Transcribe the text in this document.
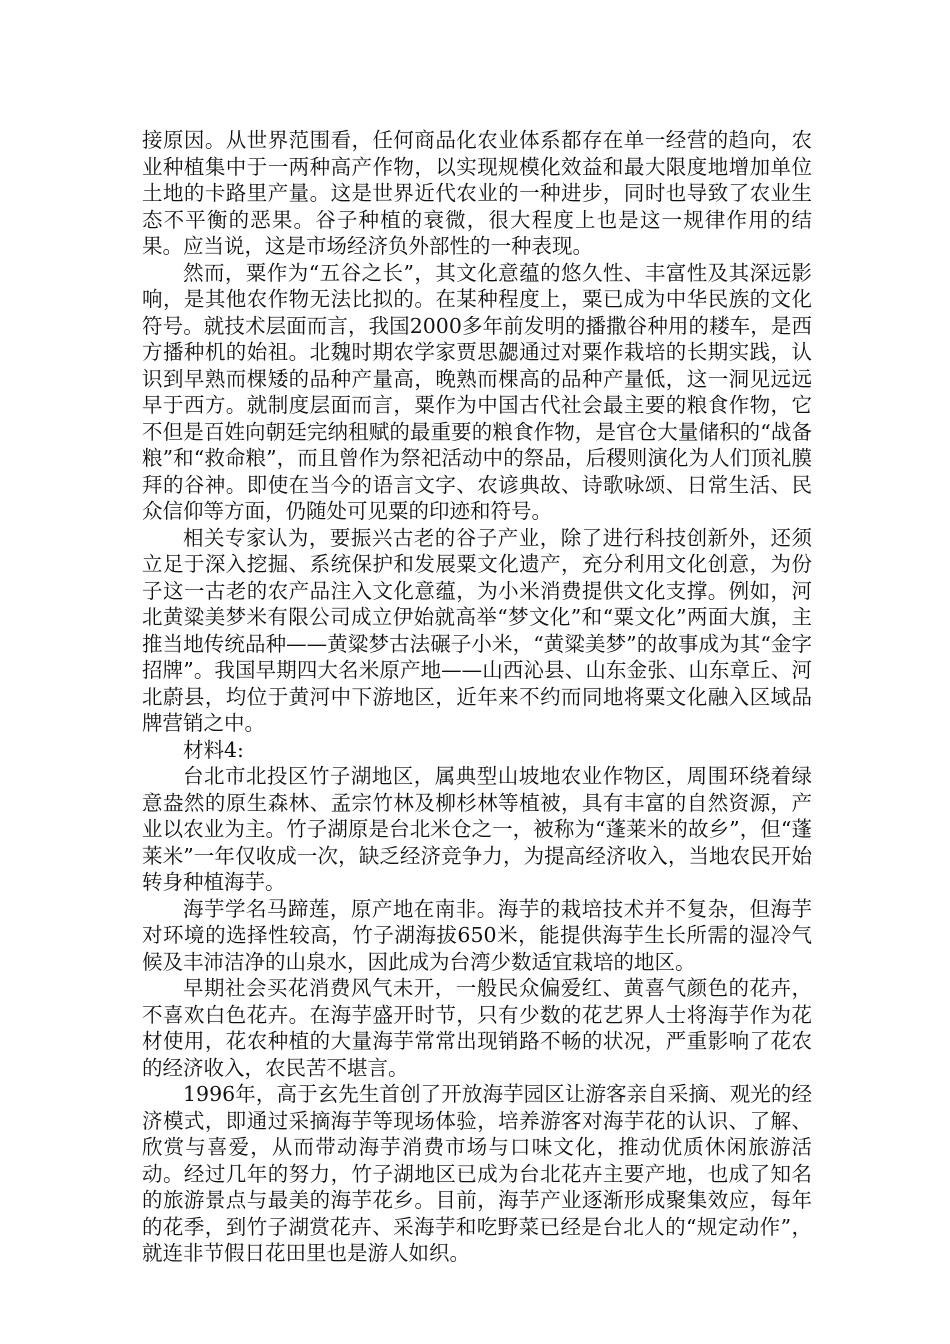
接原因。从世界范围看，任何商品化农业体系都存在单一经营的趋向，农业种植集中于一两种高产作物，以实现规模化效益和最大限度地增加单位土地的卡路里产量。这是世界近代农业的一种进步，同时也导致了农业生态不平衡的恶果。谷子种植的衰微，很大程度上也是这一规律作用的结果。应当说，这是市场经济负外部性的一种表现。

然而，粟作为“五谷之长”，其文化意蕴的悠久性、丰富性及其深远影响，是其他农作物无法比拟的。在某种程度上，粟已成为中华民族的文化符号。就技术层面而言，我国2000多年前发明的播撒谷种用的耧车，是西方播种机的始祖。北魏时期农学家贾思勰通过对粟作栽培的长期实践，认识到早熟而棵矮的品种产量高，晚熟而棵高的品种产量低，这一洞见远远早于西方。就制度层面而言，粟作为中国古代社会最主要的粮食作物，它不但是百姓向朝廷完纳租赋的最重要的粮食作物，是官仓大量储积的“战备粮”和“救命粮”，而且曾作为祭祀活动中的祭品，后稷则演化为人们顶礼膜拜的谷神。即使在当今的语言文字、农谚典故、诗歌咏颂、日常生活、民众信仰等方面，仍随处可见粟的印迹和符号。

相关专家认为，要振兴古老的谷子产业，除了进行科技创新外，还须立足于深入挖掘、系统保护和发展粟文化遗产，充分利用文化创意，为份子这一古老的农产品注入文化意蕴，为小米消费提供文化支撑。例如，河北黄粱美梦米有限公司成立伊始就高举“梦文化”和“粟文化”两面大旗，主推当地传统品种——黄粱梦古法碾子小米，“黄粱美梦”的故事成为其“金字招牌”。我国早期四大名米原产地——山西沁县、山东金张、山东章丘、河北蔚县，均位于黄河中下游地区，近年来不约而同地将粟文化融入区域品牌营销之中。

材料4:

台北市北投区竹子湖地区，属典型山坡地农业作物区，周围环绕着绿意盎然的原生森林、孟宗竹林及柳杉林等植被，具有丰富的自然资源，产业以农业为主。竹子湖原是台北米仓之一，被称为“蓬莱米的故乡”，但“蓬莱米”一年仅收成一次，缺乏经济竞争力，为提高经济收入，当地农民开始转身种植海芋。

海芋学名马蹄莲，原产地在南非。海芋的栽培技术并不复杂，但海芋对环境的选择性较高，竹子湖海拔650米，能提供海芋生长所需的湿冷气候及丰沛洁净的山泉水，因此成为台湾少数适宜栽培的地区。

早期社会买花消费风气未开，一般民众偏爱红、黄喜气颜色的花卉，不喜欢白色花卉。在海芋盛开时节，只有少数的花艺界人士将海芋作为花材使用，花农种植的大量海芋常常出现销路不畅的状况，严重影响了花农的经济收入，农民苦不堪言。

1996年，高于玄先生首创了开放海芋园区让游客亲自采摘、观光的经济模式，即通过采摘海芋等现场体验，培养游客对海芋花的认识、了解、欣赏与喜爱，从而带动海芋消费市场与口味文化，推动优质休闲旅游活动。经过几年的努力，竹子湖地区已成为台北花卉主要产地，也成了知名的旅游景点与最美的海芋花乡。目前，海芋产业逐渐形成聚集效应，每年的花季，到竹子湖赏花卉、采海芋和吃野菜已经是台北人的“规定动作”，就连非节假日花田里也是游人如织。
